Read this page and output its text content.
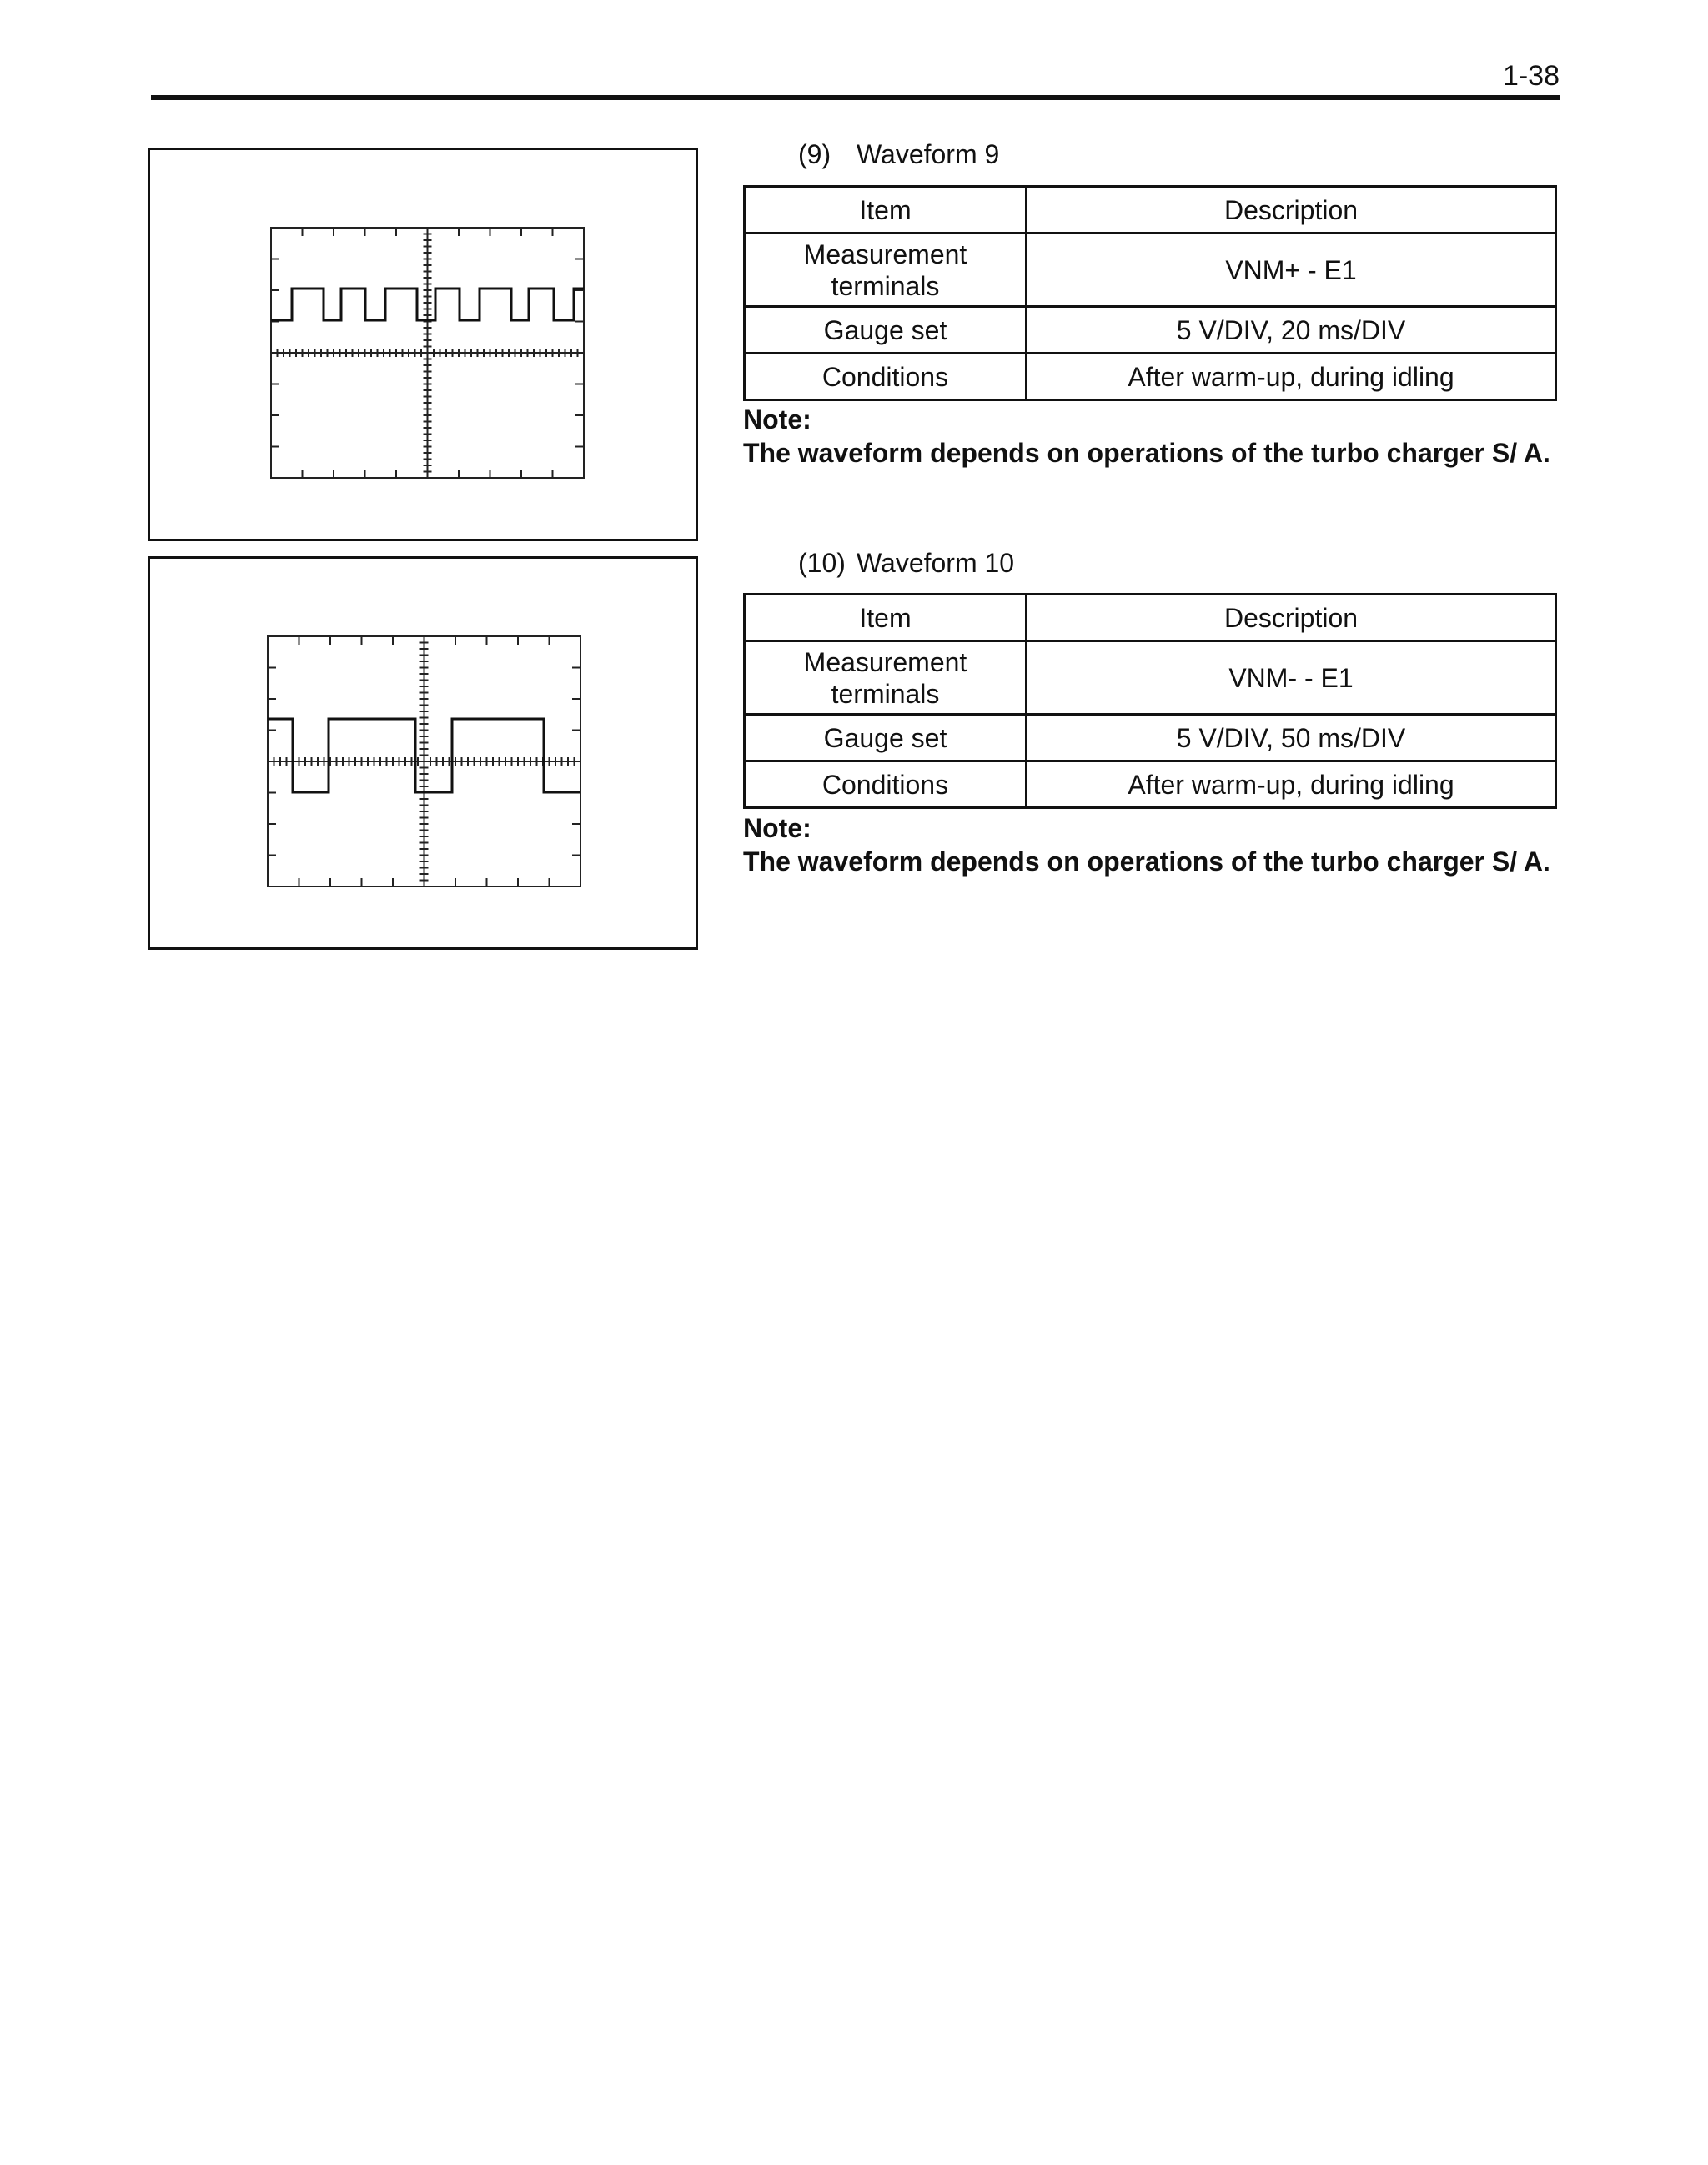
1-38
(9) Waveform 9
Item	Description
Measurement terminals	VNM+ - E1
Gauge set	5 V/DIV, 20 ms/DIV
Conditions	After warm-up, during idling
Note:
The waveform depends on operations of the turbo charger S/ A.
(10) Waveform 10
Item	Description
Measurement terminals	VNM- - E1
Gauge set	5 V/DIV, 50 ms/DIV
Conditions	After warm-up, during idling
Note:
The waveform depends on operations of the turbo charger S/ A.
